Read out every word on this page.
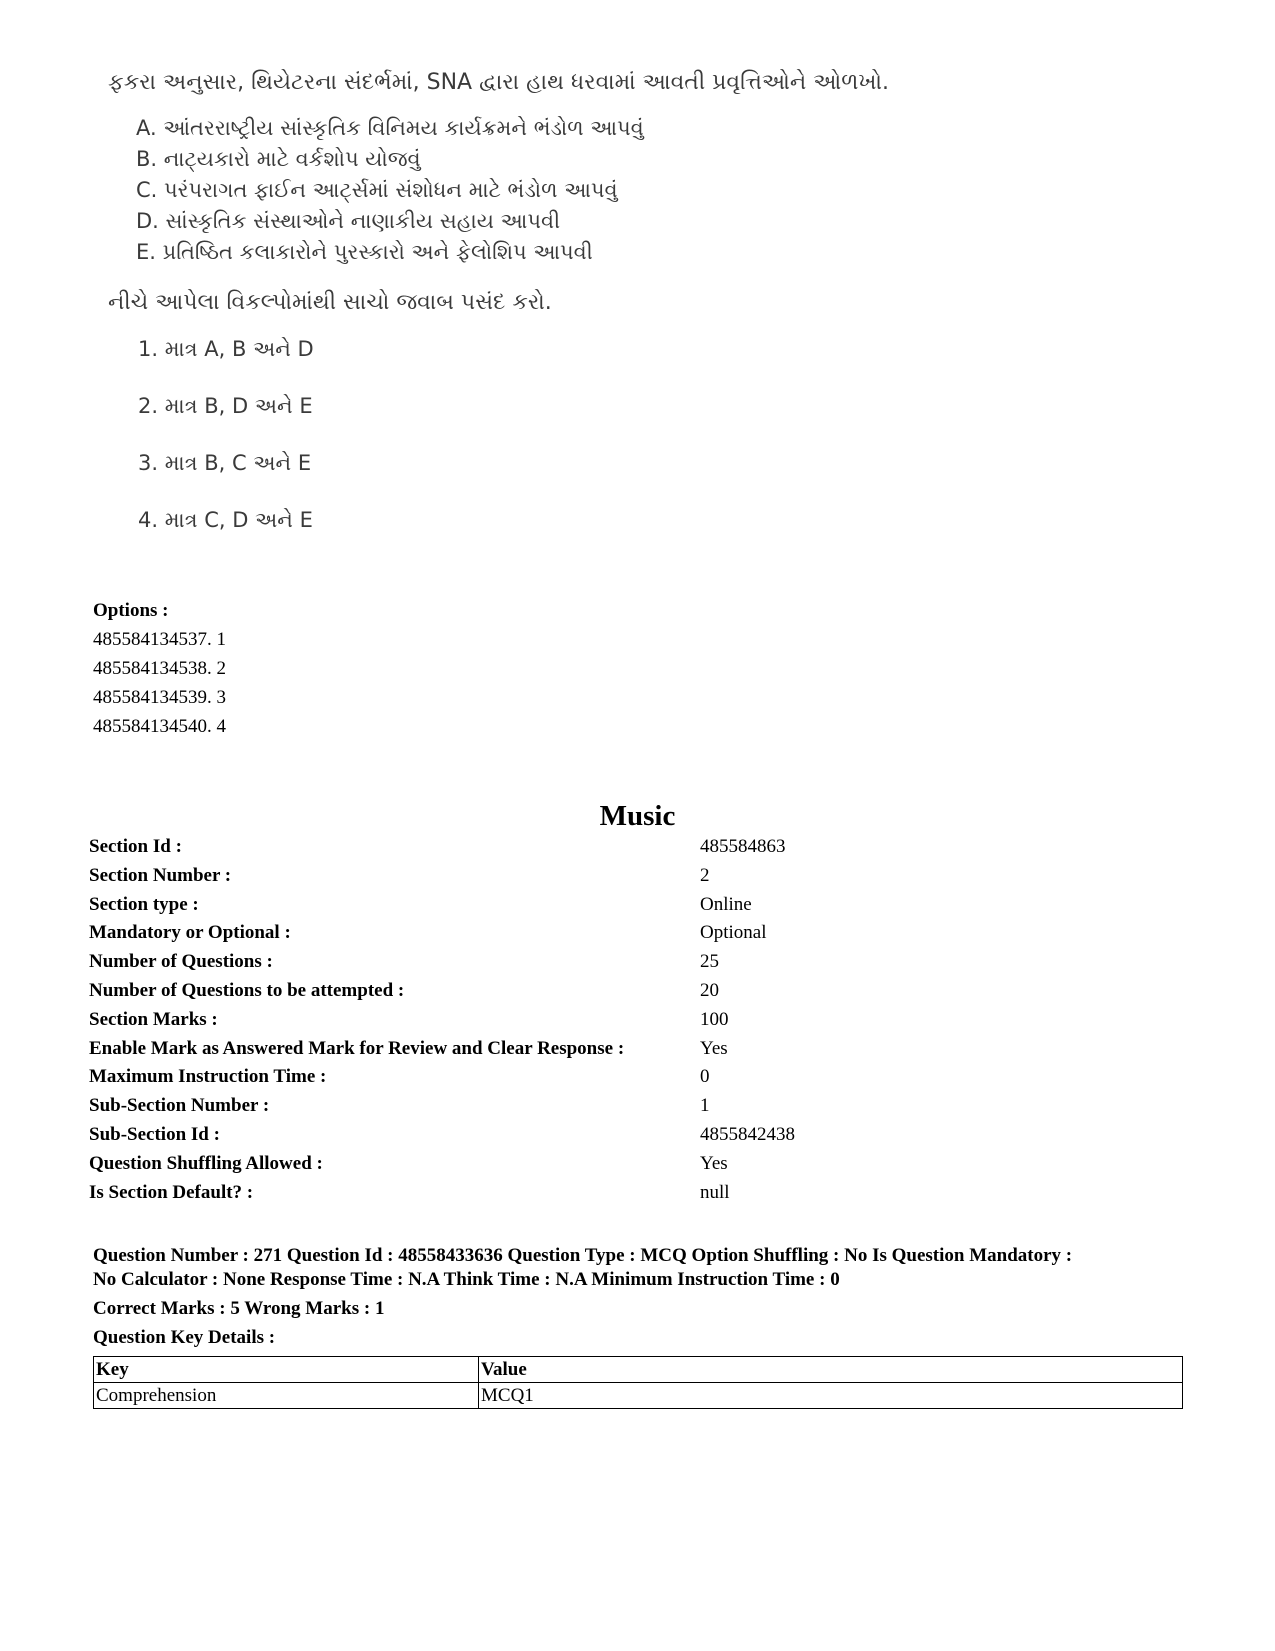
ફકરા અનુસાર, થિયેટરના સંદર્ભમાં, SNA દ્વારા હાથ ધરવામાં આવતી પ્રવૃત્તિઓને ઓળખો.
A. આંતરરાષ્ટ્રીય સાંસ્કૃતિક વિનિમય કાર્યક્રમને ભંડોળ આપવું
B. નાટ્યકારો માટે વર્કશોપ યોજવું
C. પરંપરાગત ફાઈન આર્ટ્સમાં સંશોધન માટે ભંડોળ આપવું
D. સાંસ્કૃતિક સંસ્થાઓને નાણાકીય સહાય આપવી
E. પ્રતિષ્ઠિત કલાકારોને પુરસ્કારો અને ફેલોશિપ આપવી
નીચે આપેલા વિકલ્પોમાંથી સાચો જવાબ પસંદ કરો.
1. માત્ર A, B અને D
2. માત્ર B, D અને E
3. માત્ર B, C અને E
4. માત્ર C, D અને E
Options :
485584134537. 1
485584134538. 2
485584134539. 3
485584134540. 4
Music
Section Id :	485584863
Section Number :	2
Section type :	Online
Mandatory or Optional :	Optional
Number of Questions :	25
Number of Questions to be attempted :	20
Section Marks :	100
Enable Mark as Answered Mark for Review and Clear Response :	Yes
Maximum Instruction Time :	0
Sub-Section Number :	1
Sub-Section Id :	4855842438
Question Shuffling Allowed :	Yes
Is Section Default? :	null
Question Number : 271 Question Id : 48558433636 Question Type : MCQ Option Shuffling : No Is Question Mandatory :
No Calculator : None Response Time : N.A Think Time : N.A Minimum Instruction Time : 0
Correct Marks : 5 Wrong Marks : 1
Question Key Details :
Key	Value
Comprehension	MCQ1
